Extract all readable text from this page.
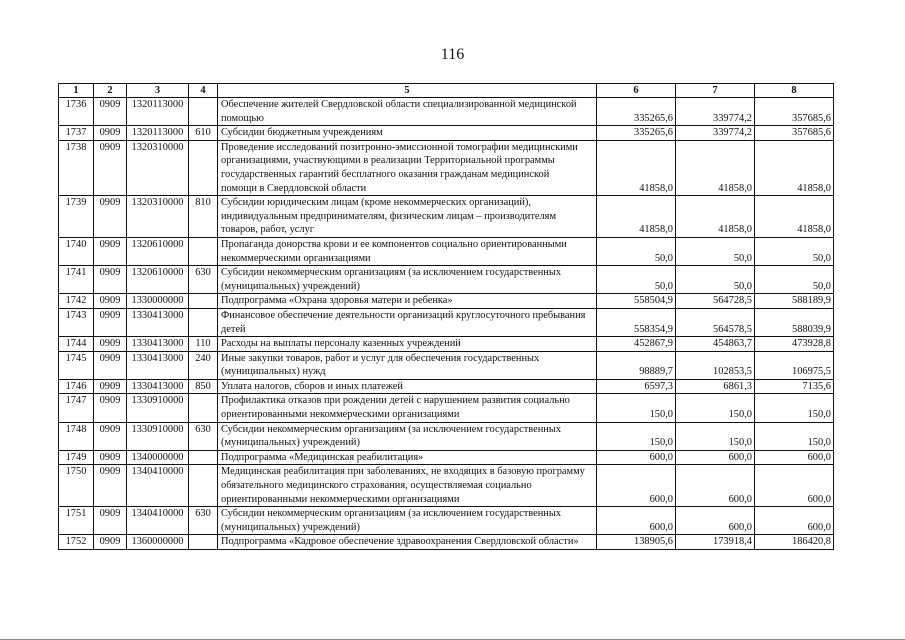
116
1	2	3	4	5	6	7	8
1736	0909	1320113000		Обеспечение жителей Свердловской области специализированной медицинской
помощью	335265,6	339774,2	357685,6
1737	0909	1320113000	610	Субсидии бюджетным учреждениям	335265,6	339774,2	357685,6
1738	0909	1320310000		Проведение исследований позитронно-эмиссионной томографии медицинскими
организациями, участвующими в реализации Территориальной программы
государственных гарантий бесплатного оказания гражданам медицинской
помощи в Свердловской области	41858,0	41858,0	41858,0
1739	0909	1320310000	810	Субсидии юридическим лицам (кроме некоммерческих организаций),
индивидуальным предпринимателям, физическим лицам – производителям
товаров, работ, услуг	41858,0	41858,0	41858,0
1740	0909	1320610000		Пропаганда донорства крови и ее компонентов социально ориентированными
некоммерческими организациями	50,0	50,0	50,0
1741	0909	1320610000	630	Субсидии некоммерческим организациям (за исключением государственных
(муниципальных) учреждений)	50,0	50,0	50,0
1742	0909	1330000000		Подпрограмма «Охрана здоровья матери и ребенка»	558504,9	564728,5	588189,9
1743	0909	1330413000		Финансовое обеспечение деятельности организаций круглосуточного пребывания
детей	558354,9	564578,5	588039,9
1744	0909	1330413000	110	Расходы на выплаты персоналу казенных учреждений	452867,9	454863,7	473928,8
1745	0909	1330413000	240	Иные закупки товаров, работ и услуг для обеспечения государственных
(муниципальных) нужд	98889,7	102853,5	106975,5
1746	0909	1330413000	850	Уплата налогов, сборов и иных платежей	6597,3	6861,3	7135,6
1747	0909	1330910000		Профилактика отказов при рождении детей с нарушением развития социально
ориентированными некоммерческими организациями	150,0	150,0	150,0
1748	0909	1330910000	630	Субсидии некоммерческим организациям (за исключением государственных
(муниципальных) учреждений)	150,0	150,0	150,0
1749	0909	1340000000		Подпрограмма «Медицинская реабилитация»	600,0	600,0	600,0
1750	0909	1340410000		Медицинская реабилитация при заболеваниях, не входящих в базовую программу
обязательного медицинского страхования, осуществляемая социально
ориентированными некоммерческими организациями	600,0	600,0	600,0
1751	0909	1340410000	630	Субсидии некоммерческим организациям (за исключением государственных
(муниципальных) учреждений)	600,0	600,0	600,0
1752	0909	1360000000		Подпрограмма «Кадровое обеспечение здравоохранения Свердловской области»	138905,6	173918,4	186420,8
